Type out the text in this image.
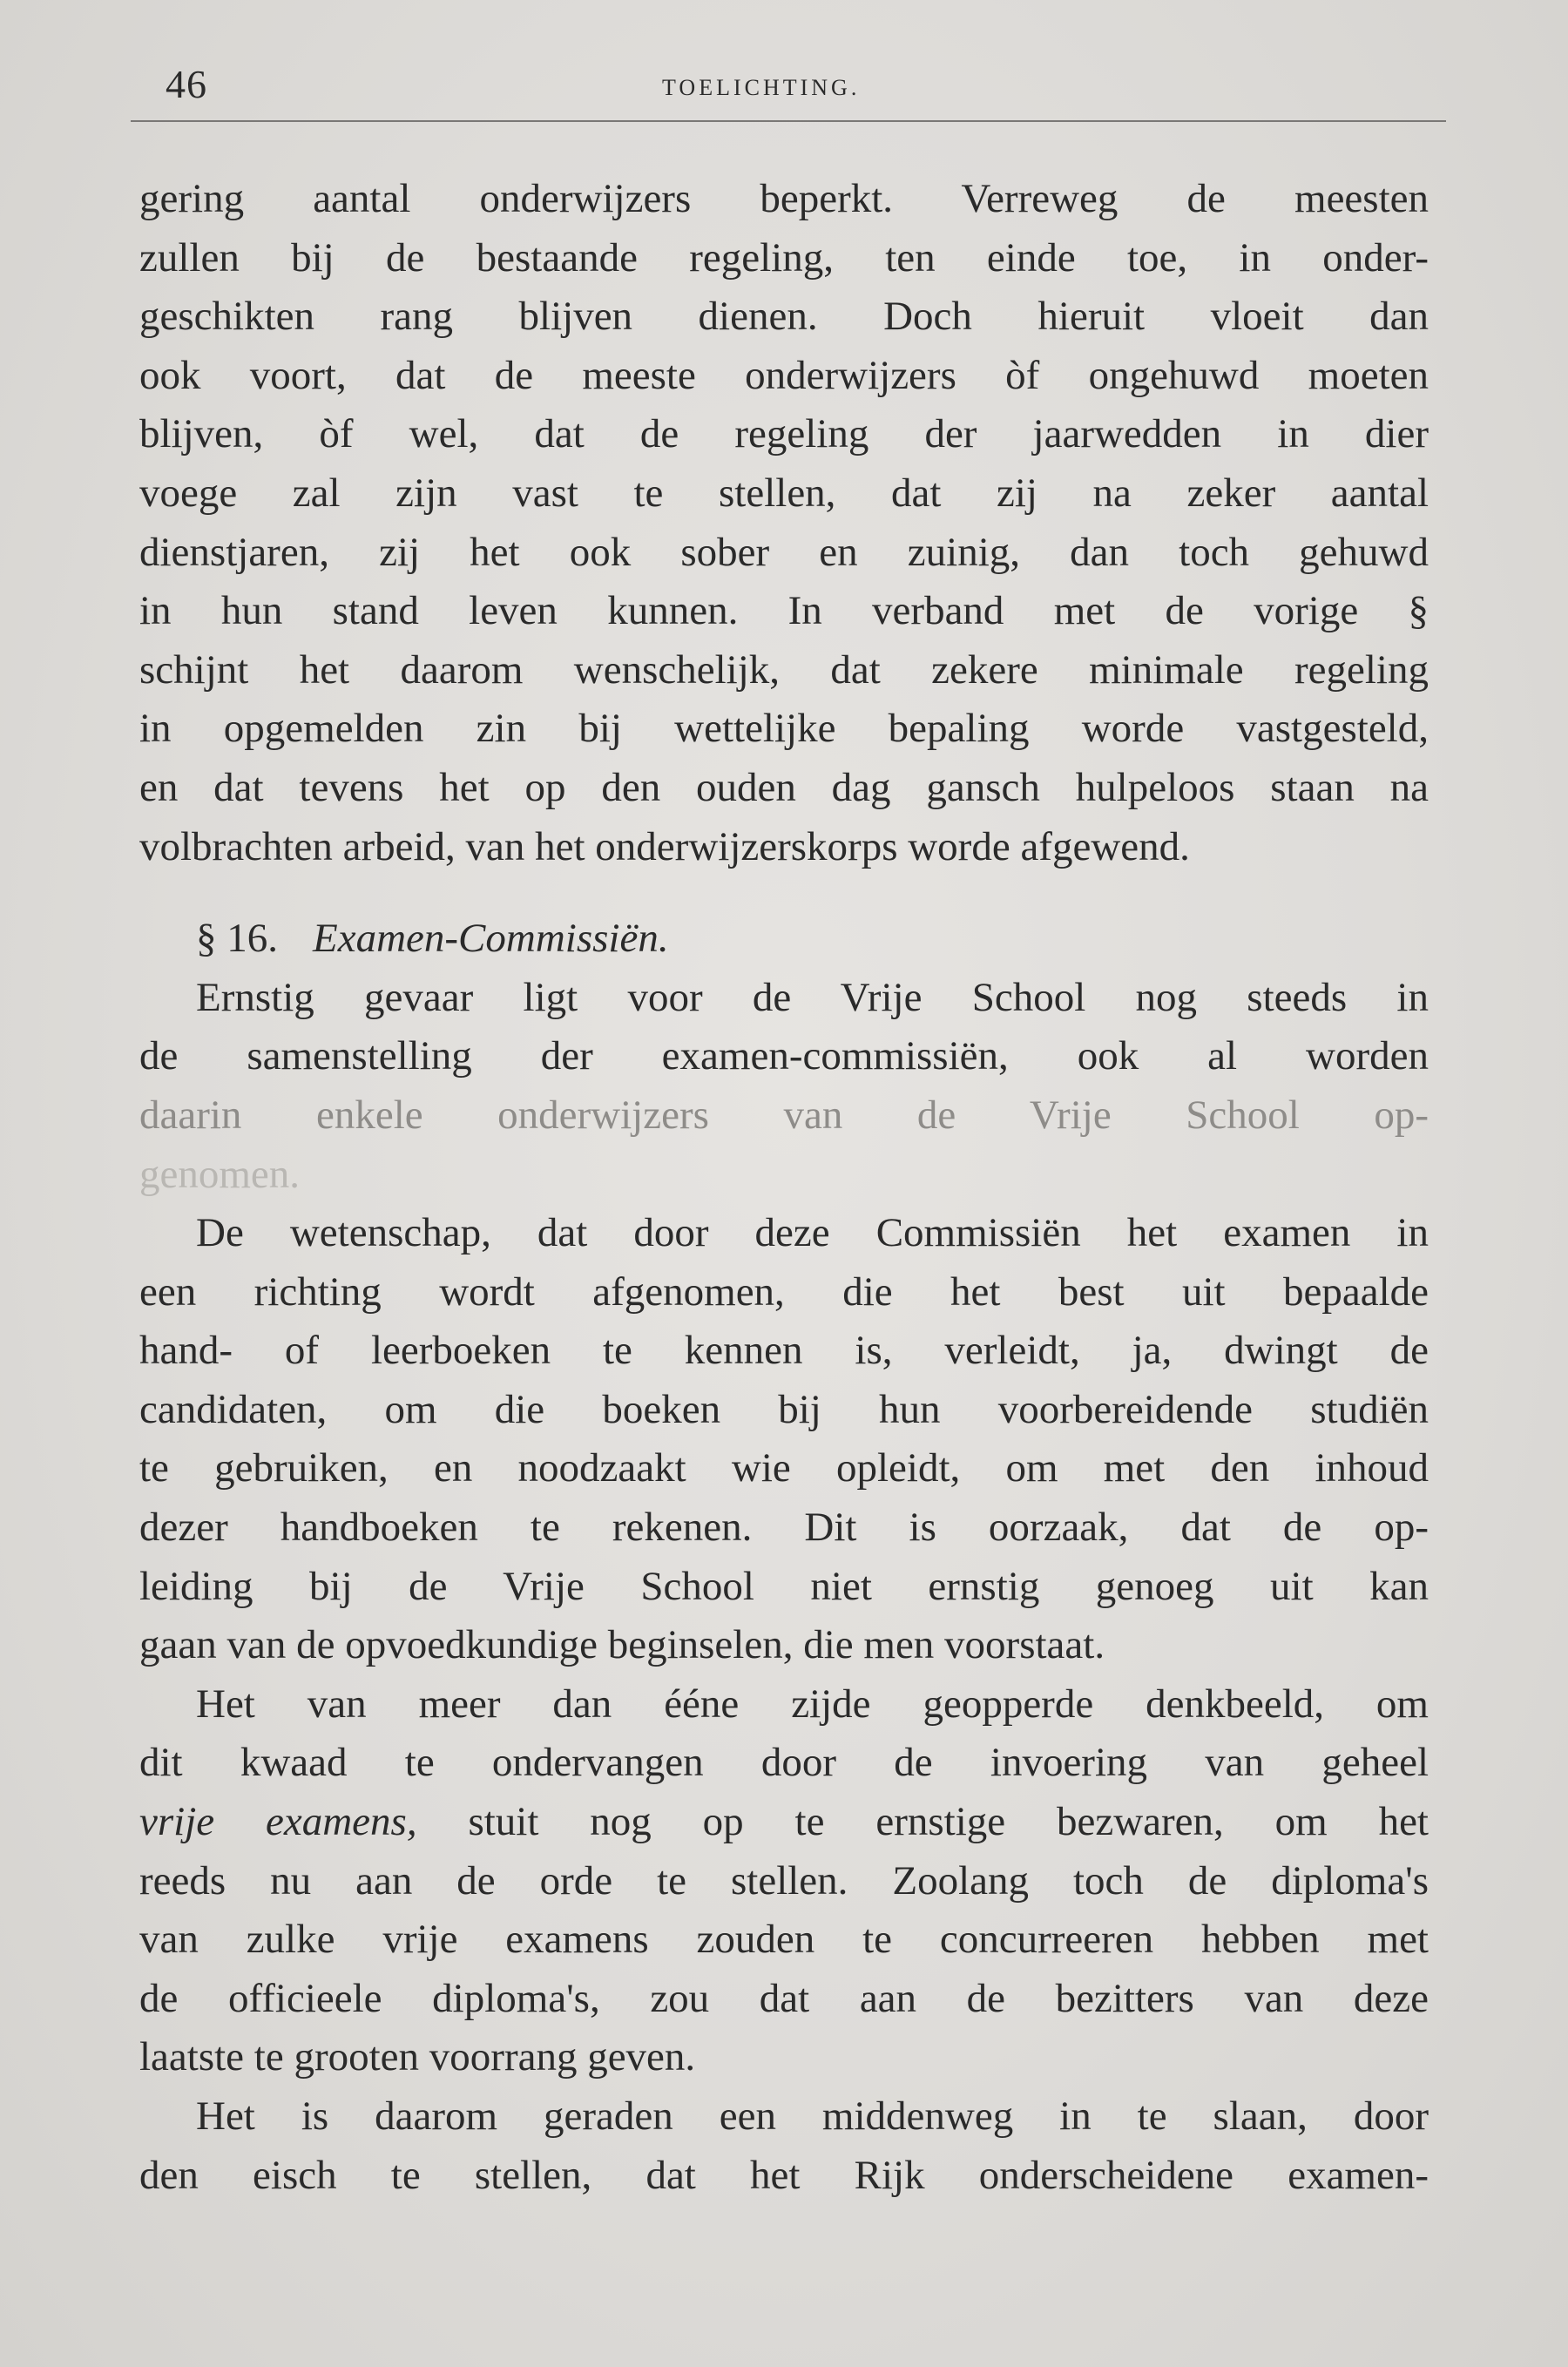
46	TOELICHTING.
gering aantal onderwijzers beperkt. Verreweg de meesten
zullen bij de bestaande regeling, ten einde toe, in onder-
geschikten rang blijven dienen. Doch hieruit vloeit dan
ook voort, dat de meeste onderwijzers òf ongehuwd moeten
blijven, òf wel, dat de regeling der jaarwedden in dier
voege zal zijn vast te stellen, dat zij na zeker aantal
dienstjaren, zij het ook sober en zuinig, dan toch gehuwd
in hun stand leven kunnen. In verband met de vorige §
schijnt het daarom wenschelijk, dat zekere minimale regeling
in opgemelden zin bij wettelijke bepaling worde vastgesteld,
en dat tevens het op den ouden dag gansch hulpeloos staan na
volbrachten arbeid, van het onderwijzerskorps worde afgewend.
§ 16. Examen-Commissiën.
Ernstig gevaar ligt voor de Vrije School nog steeds in
de samenstelling der examen-commissiën, ook al worden
daarin enkele onderwijzers van de Vrije School op-
genomen.
De wetenschap, dat door deze Commissiën het examen in
een richting wordt afgenomen, die het best uit bepaalde
hand- of leerboeken te kennen is, verleidt, ja, dwingt de
candidaten, om die boeken bij hun voorbereidende studiën
te gebruiken, en noodzaakt wie opleidt, om met den inhoud
dezer handboeken te rekenen. Dit is oorzaak, dat de op-
leiding bij de Vrije School niet ernstig genoeg uit kan
gaan van de opvoedkundige beginselen, die men voorstaat.
Het van meer dan éénе zijde geopperde denkbeeld, om
dit kwaad te ondervangen door de invoering van geheel
vrije examens, stuit nog op te ernstige bezwaren, om het
reeds nu aan de orde te stellen. Zoolang toch de diploma's
van zulke vrije examens zouden te concurreeren hebben met
de officieele diploma's, zou dat aan de bezitters van deze
laatste te grooten voorrang geven.
Het is daarom geraden een middenweg in te slaan, door
den eisch te stellen, dat het Rijk onderscheidene examen-
